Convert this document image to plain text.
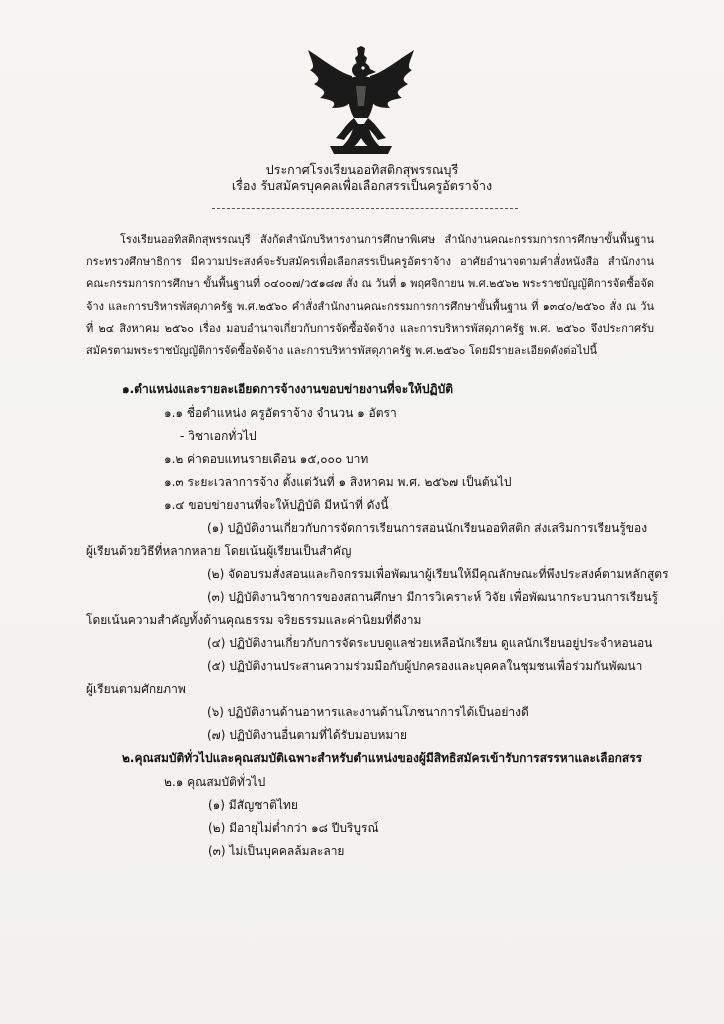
ประกาศโรงเรียนออทิสติกสุพรรณบุรี
เรื่อง รับสมัครบุคคลเพื่อเลือกสรรเป็นครูอัตราจ้าง
โรงเรียนออทิสติกสุพรรณบุรี สังกัดสำนักบริหารงานการศึกษาพิเศษ สำนักงานคณะกรรมการการศึกษาขั้นพื้นฐาน กระทรวงศึกษาธิการ มีความประสงค์จะรับสมัครเพื่อเลือกสรรเป็นครูอัตราจ้าง อาศัยอำนาจตามคำสั่งหนังสือ สำนักงานคณะกรรมการการศึกษา ขั้นพื้นฐานที่ ๐๔๐๐๗/ว๕๑๘๗ สั่ง ณ วันที่ ๑ พฤศจิกายน พ.ศ.๒๕๖๒ พระราชบัญญัติการจัดซื้อจัดจ้าง และการบริหารพัสดุภาครัฐ พ.ศ.๒๕๖๐ คำสั่งสำนักงานคณะกรรมการการศึกษาขั้นพื้นฐาน ที่ ๑๓๔๐/๒๕๖๐ สั่ง ณ วันที่ ๒๔ สิงหาคม ๒๕๖๐ เรื่อง มอบอำนาจเกี่ยวกับการจัดซื้อจัดจ้าง และการบริหารพัสดุภาครัฐ พ.ศ. ๒๕๖๐ จึงประกาศรับสมัครตามพระราชบัญญัติการจัดซื้อจัดจ้าง และการบริหารพัสดุภาครัฐ พ.ศ.๒๕๖๐ โดยมีรายละเอียดดังต่อไปนี้
๑.ตำแหน่งและรายละเอียดการจ้างงานขอบข่ายงานที่จะให้ปฏิบัติ
๑.๑ ชื่อตำแหน่ง ครูอัตราจ้าง จำนวน ๑ อัตรา
- วิชาเอกทั่วไป
๑.๒ ค่าตอบแทนรายเดือน ๑๕,๐๐๐ บาท
๑.๓ ระยะเวลาการจ้าง ตั้งแต่วันที่ ๑ สิงหาคม พ.ศ. ๒๕๖๗ เป็นต้นไป
๑.๔ ขอบข่ายงานที่จะให้ปฏิบัติ มีหน้าที่ ดังนี้
(๑) ปฏิบัติงานเกี่ยวกับการจัดการเรียนการสอนนักเรียนออทิสติก ส่งเสริมการเรียนรู้ของ
ผู้เรียนด้วยวิธีที่หลากหลาย โดยเน้นผู้เรียนเป็นสำคัญ
(๒) จัดอบรมสั่งสอนและกิจกรรมเพื่อพัฒนาผู้เรียนให้มีคุณลักษณะที่พึงประสงค์ตามหลักสูตร
(๓) ปฏิบัติงานวิชาการของสถานศึกษา มีการวิเคราะห์ วิจัย เพื่อพัฒนากระบวนการเรียนรู้
โดยเน้นความสำคัญทั้งด้านคุณธรรม จริยธรรมและค่านิยมที่ดีงาม
(๔) ปฏิบัติงานเกี่ยวกับการจัดระบบดูแลช่วยเหลือนักเรียน ดูแลนักเรียนอยู่ประจำหอนอน
(๕) ปฏิบัติงานประสานความร่วมมือกับผู้ปกครองและบุคคลในชุมชนเพื่อร่วมกันพัฒนา
ผู้เรียนตามศักยภาพ
(๖) ปฏิบัติงานด้านอาหารและงานด้านโภชนาการได้เป็นอย่างดี
(๗) ปฏิบัติงานอื่นตามที่ได้รับมอบหมาย
๒.คุณสมบัติทั่วไปและคุณสมบัติเฉพาะสำหรับตำแหน่งของผู้มีสิทธิสมัครเข้ารับการสรรหาและเลือกสรร
๒.๑ คุณสมบัติทั่วไป
(๑) มีสัญชาติไทย
(๒) มีอายุไม่ต่ำกว่า ๑๘ ปีบริบูรณ์
(๓) ไม่เป็นบุคคลล้มละลาย
